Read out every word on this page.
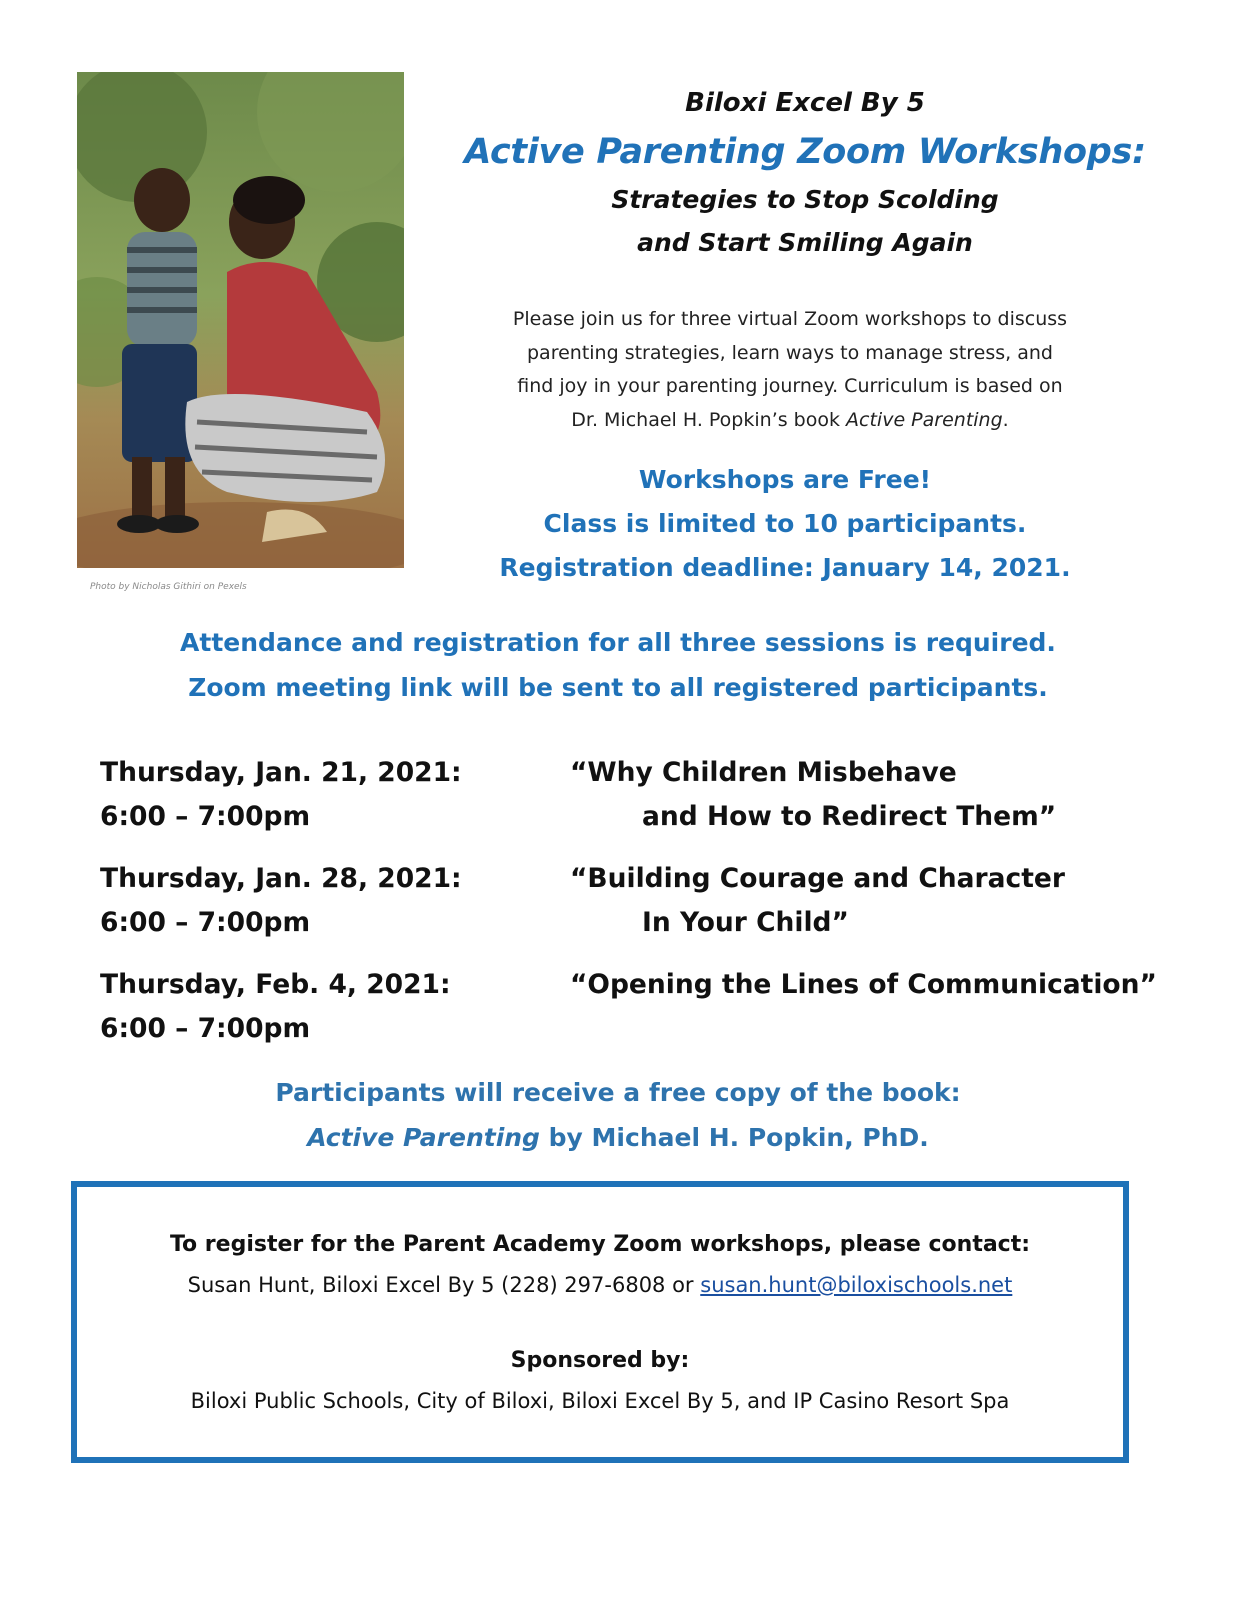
Photo by Nicholas Githiri on Pexels
Biloxi Excel By 5
Active Parenting Zoom Workshops:
Strategies to Stop Scolding
and Start Smiling Again
Please join us for three virtual Zoom workshops to discuss
parenting strategies, learn ways to manage stress, and
find joy in your parenting journey. Curriculum is based on
Dr. Michael H. Popkin’s book Active Parenting.
Workshops are Free!
Class is limited to 10 participants.
Registration deadline: January 14, 2021.
Attendance and registration for all three sessions is required.
Zoom meeting link will be sent to all registered participants.
Thursday, Jan. 21, 2021:
6:00 – 7:00pm
“Why Children Misbehave
and How to Redirect Them”
Thursday, Jan. 28, 2021:
6:00 – 7:00pm
“Building Courage and Character
In Your Child”
Thursday, Feb. 4, 2021:
6:00 – 7:00pm
“Opening the Lines of Communication”
Participants will receive a free copy of the book:
Active Parenting by Michael H. Popkin, PhD.
To register for the Parent Academy Zoom workshops, please contact:
Susan Hunt, Biloxi Excel By 5 (228) 297-6808 or susan.hunt@biloxischools.net
Sponsored by:
Biloxi Public Schools, City of Biloxi, Biloxi Excel By 5, and IP Casino Resort Spa
